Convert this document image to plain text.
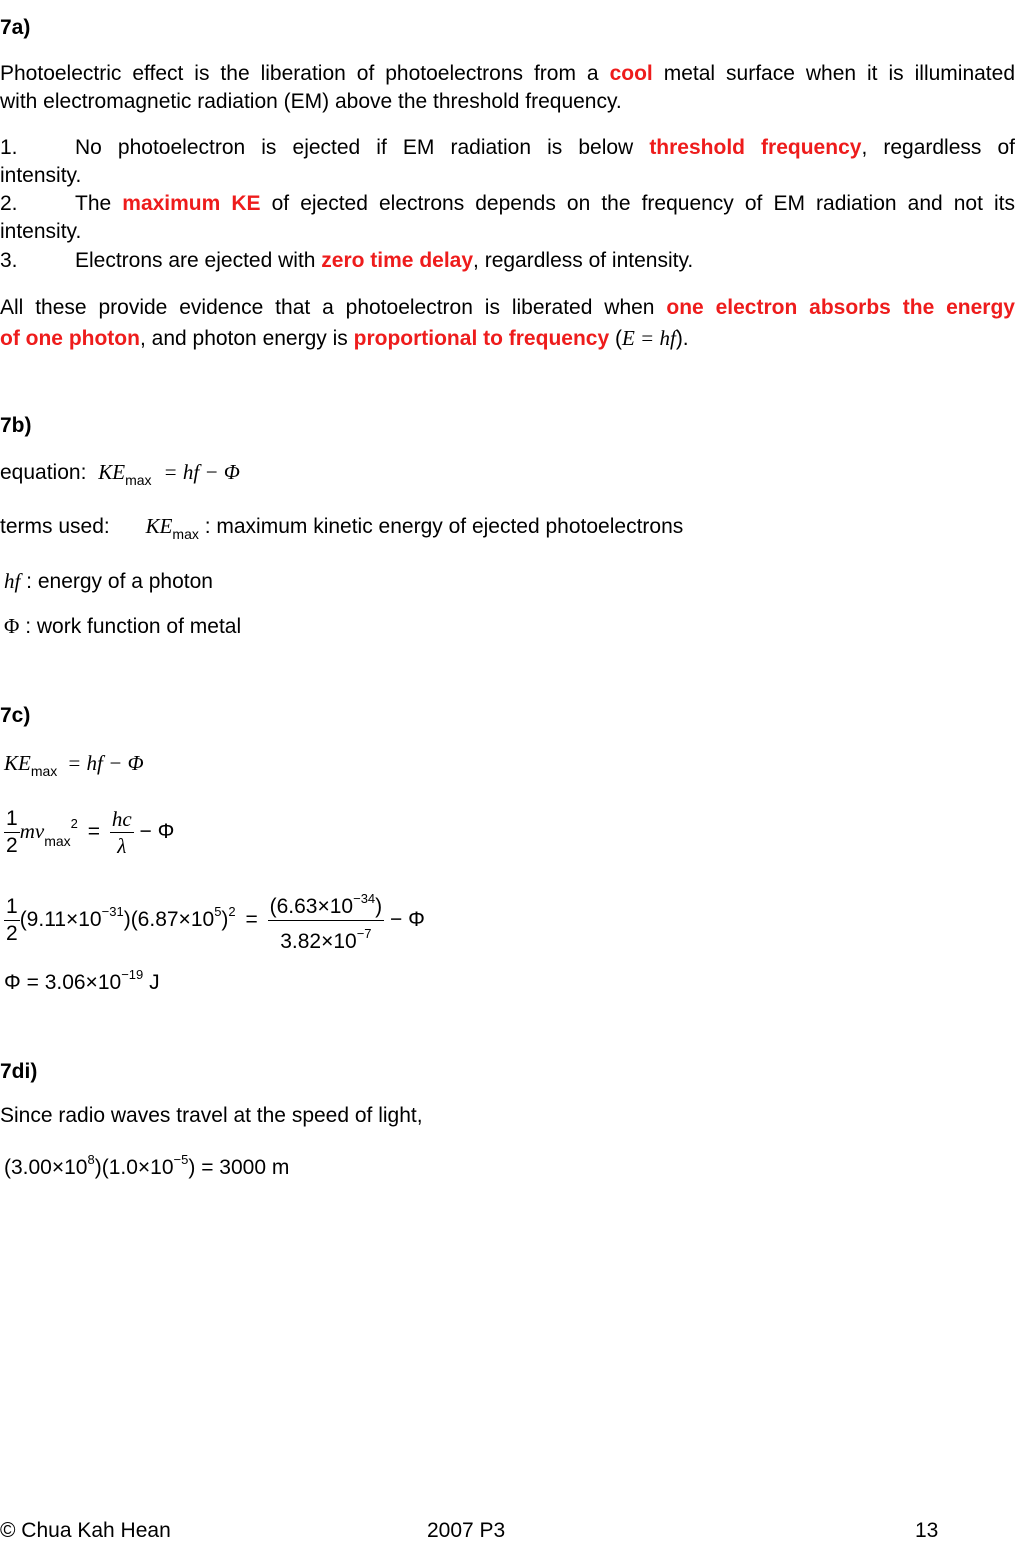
7a)
Photoelectric effect is the liberation of photoelectrons from a cool metal surface when it is illuminated
with electromagnetic radiation (EM) above the threshold frequency.
1.	No photoelectron is ejected if EM radiation is below threshold frequency, regardless of
intensity.
2.	The maximum KE of ejected electrons depends on the frequency of EM radiation and not its
intensity.
3.	Electrons are ejected with zero time delay, regardless of intensity.
All these provide evidence that a photoelectron is liberated when one electron absorbs the energy
of one photon, and photon energy is proportional to frequency (E = hf).
7b)
equation: $KE_{max}$ = hf − Φ
terms used: $KE_{max}$ : maximum kinetic energy of ejected photoelectrons
hf : energy of a photon
Φ : work function of metal
7c)
$KE_{max}$ = hf − Φ
$\frac{1}{2} mv_{max}^2 = \frac{hc}{\lambda} - \Phi$
$\frac{1}{2} (9.11\times 10^{-31})(6.87\times 10^5)^2 = \frac{(6.63\times 10^{-34})}{3.82\times 10^{-7}} - \Phi$
$\Phi = 3.06\times 10^{-19}$ J
7di)
Since radio waves travel at the speed of light,
$(3.00\times 10^8)(1.0\times 10^{-5}) = 3000$ m
© Chua Kah Hean	2007 P3	13
